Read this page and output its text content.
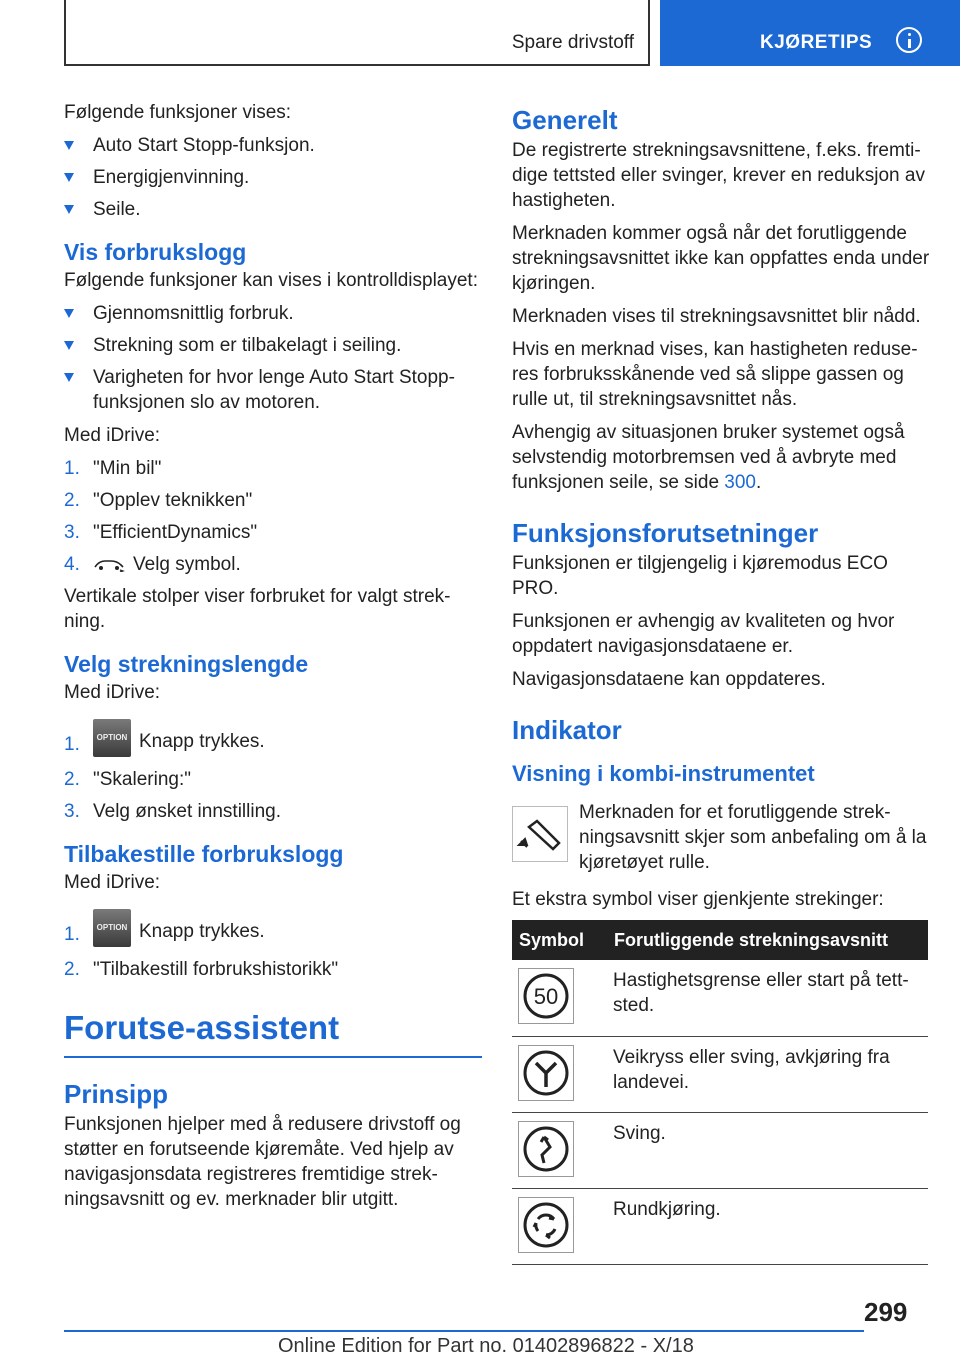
Spare drivstoff	KJØRETIPS

Følgende funksjoner vises:

Auto Start Stopp-funksjon.
Energigjenvinning.
Seile.
Vis forbrukslogg

Følgende funksjoner kan vises i kontrolldisplayet:

Gjennomsnittlig forbruk.
Strekning som er tilbakelagt i seiling.
Varigheten for hvor lenge Auto Start Stopp-funksjonen slo av motoren.

Med iDrive:

1. "Min bil"
2. "Opplev teknikken"
3. "EfficientDynamics"
4.	Velg symbol.

Vertikale stolper viser forbruket for valgt strekning.

Velg strekningslengde

Med iDrive:

1.	OPTION Knapp trykkes.
2. "Skalering:"
3. Velg ønsket innstilling.
Tilbakestille forbrukslogg

Med iDrive:

1.	OPTION Knapp trykkes.
2. "Tilbakestill forbrukshistorikk"
Forutse-assistent
Prinsipp

Funksjonen hjelper med å redusere drivstoff og støtter en forutseende kjøremåte. Ved hjelp av navigasjonsdata registreres fremtidige strekningsavsnitt og ev. merknader blir utgitt.

Generelt

De registrerte strekningsavsnittene, f.eks. fremtidige tettsted eller svinger, krever en reduksjon av hastigheten.

Merknaden kommer også når det forutliggende strekningsavsnittet ikke kan oppfattes enda under kjøringen.

Merknaden vises til strekningsavsnittet blir nådd.

Hvis en merknad vises, kan hastigheten reduseres forbruksskånende ved så slippe gassen og rulle ut, til strekningsavsnittet nås.

Avhengig av situasjonen bruker systemet også selvstendig motorbremsen ved å avbryte med funksjonen seile, se side 300.

Funksjonsforutsetninger

Funksjonen er tilgjengelig i kjøremodus ECO PRO.

Funksjonen er avhengig av kvaliteten og hvor oppdatert navigasjonsdataene er.

Navigasjonsdataene kan oppdateres.

Indikator
Visning i kombi-instrumentet

Merknaden for et forutliggende strekningsavsnitt skjer som anbefaling om å la kjøretøyet rulle.

Et ekstra symbol viser gjenkjente strekinger:

Symbol	Forutliggende strekningsavsnitt

50	Hastighetsgrense eller start på tettsted.

	Veikryss eller sving, avkjøring fra landevei.

	Sving.

	Rundkjøring.
299
Online Edition for Part no. 01402896822 - X/18
